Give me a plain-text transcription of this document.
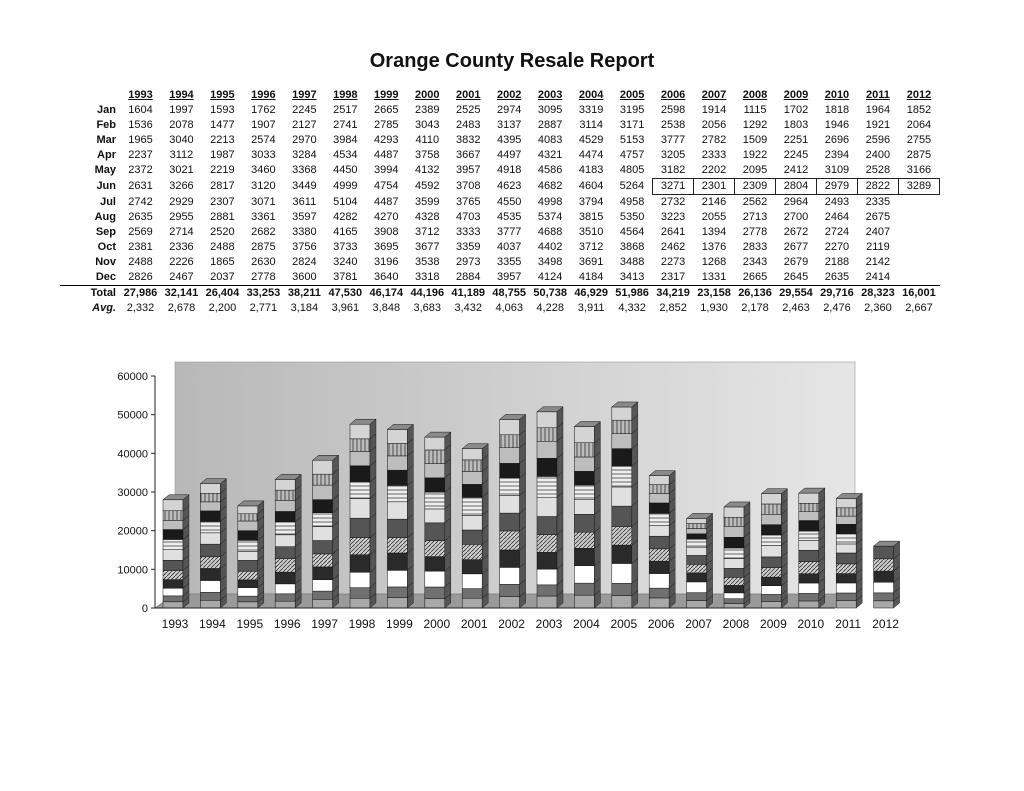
Orange County Resale Report
	1993	1994	1995	1996	1997	1998	1999	2000	2001	2002	2003	2004	2005	2006	2007	2008	2009	2010	2011	2012
Jan	1604	1997	1593	1762	2245	2517	2665	2389	2525	2974	3095	3319	3195	2598	1914	1115	1702	1818	1964	1852
Feb	1536	2078	1477	1907	2127	2741	2785	3043	2483	3137	2887	3114	3171	2538	2056	1292	1803	1946	1921	2064
Mar	1965	3040	2213	2574	2970	3984	4293	4110	3832	4395	4083	4529	5153	3777	2782	1509	2251	2696	2596	2755
Apr	2237	3112	1987	3033	3284	4534	4487	3758	3667	4497	4321	4474	4757	3205	2333	1922	2245	2394	2400	2875
May	2372	3021	2219	3460	3368	4450	3994	4132	3957	4918	4586	4183	4805	3182	2202	2095	2412	3109	2528	3166
Jun	2631	3266	2817	3120	3449	4999	4754	4592	3708	4623	4682	4604	5264	3271	2301	2309	2804	2979	2822	3289
Jul	2742	2929	2307	3071	3611	5104	4487	3599	3765	4550	4998	3794	4958	2732	2146	2562	2964	2493	2335	
Aug	2635	2955	2881	3361	3597	4282	4270	4328	4703	4535	5374	3815	5350	3223	2055	2713	2700	2464	2675	
Sep	2569	2714	2520	2682	3380	4165	3908	3712	3333	3777	4688	3510	4564	2641	1394	2778	2672	2724	2407	
Oct	2381	2336	2488	2875	3756	3733	3695	3677	3359	4037	4402	3712	3868	2462	1376	2833	2677	2270	2119	
Nov	2488	2226	1865	2630	2824	3240	3196	3538	2973	3355	3498	3691	3488	2273	1268	2343	2679	2188	2142	
Dec	2826	2467	2037	2778	3600	3781	3640	3318	2884	3957	4124	4184	3413	2317	1331	2665	2645	2635	2414	
Total	27,986	32,141	26,404	33,253	38,211	47,530	46,174	44,196	41,189	48,755	50,738	46,929	51,986	34,219	23,158	26,136	29,554	29,716	28,323	16,001
Avg.	2,332	2,678	2,200	2,771	3,184	3,961	3,848	3,683	3,432	4,063	4,228	3,911	4,332	2,852	1,930	2,178	2,463	2,476	2,360	2,667
0
10000
20000
30000
40000
50000
60000
1993 1994 1995 1996 1997 1998 1999 2000 2001 2002 2003 2004 2005 2006 2007 2008 2009 2010 2011 2012
